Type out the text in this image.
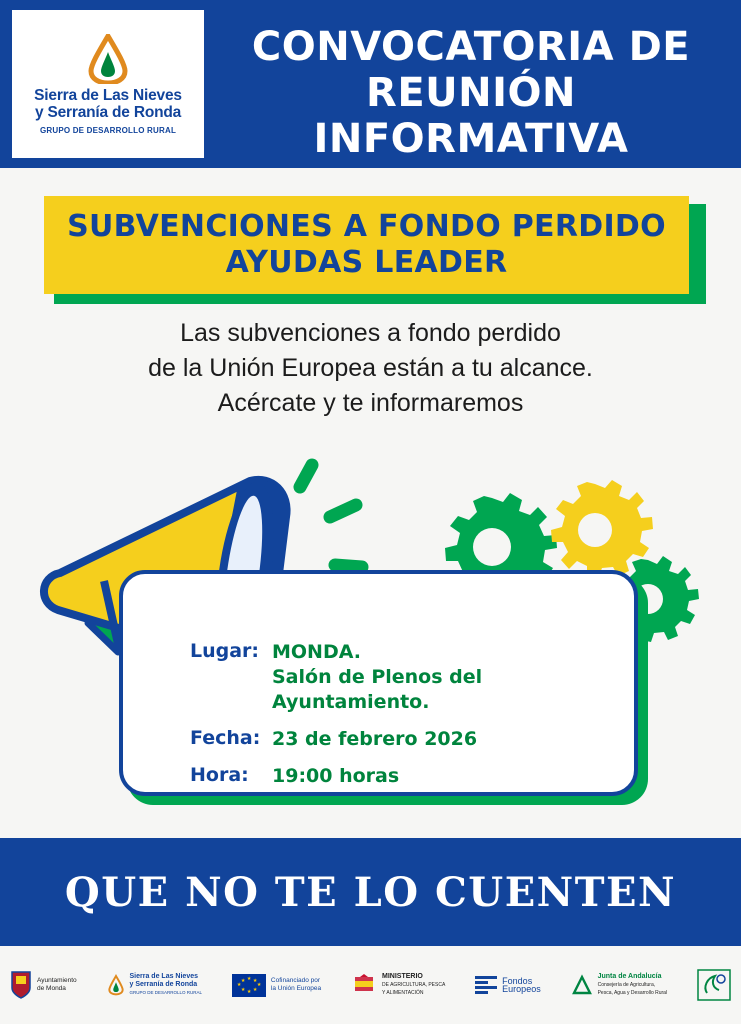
Sierra de Las Nieves
y Serranía de Ronda
GRUPO DE DESARROLLO RURAL
CONVOCATORIA DE
REUNIÓN INFORMATIVA
SUBVENCIONES A FONDO PERDIDO
AYUDAS LEADER
Las subvenciones a fondo perdido
de la Unión Europea están a tu alcance.
Acércate y te informaremos
Lugar: MONDA.
Salón de Plenos del Ayuntamiento.
Fecha: 23 de febrero 2026
Hora:	19:00 horas
QUE NO TE LO CUENTEN
Ayuntamiento
de Monda
Sierra de Las Nieves
y Serranía de Ronda
GRUPO DE DESARROLLO RURAL
★ ★
★
★
★
★
★
★	Cofinanciado por
la Unión Europea
MINISTERIO
DE AGRICULTURA, PESCA
Y ALIMENTACIÓN
Fondos
Europeos
Junta de Andalucía
Consejería de Agricultura,
Pesca, Agua y Desarrollo Rural
